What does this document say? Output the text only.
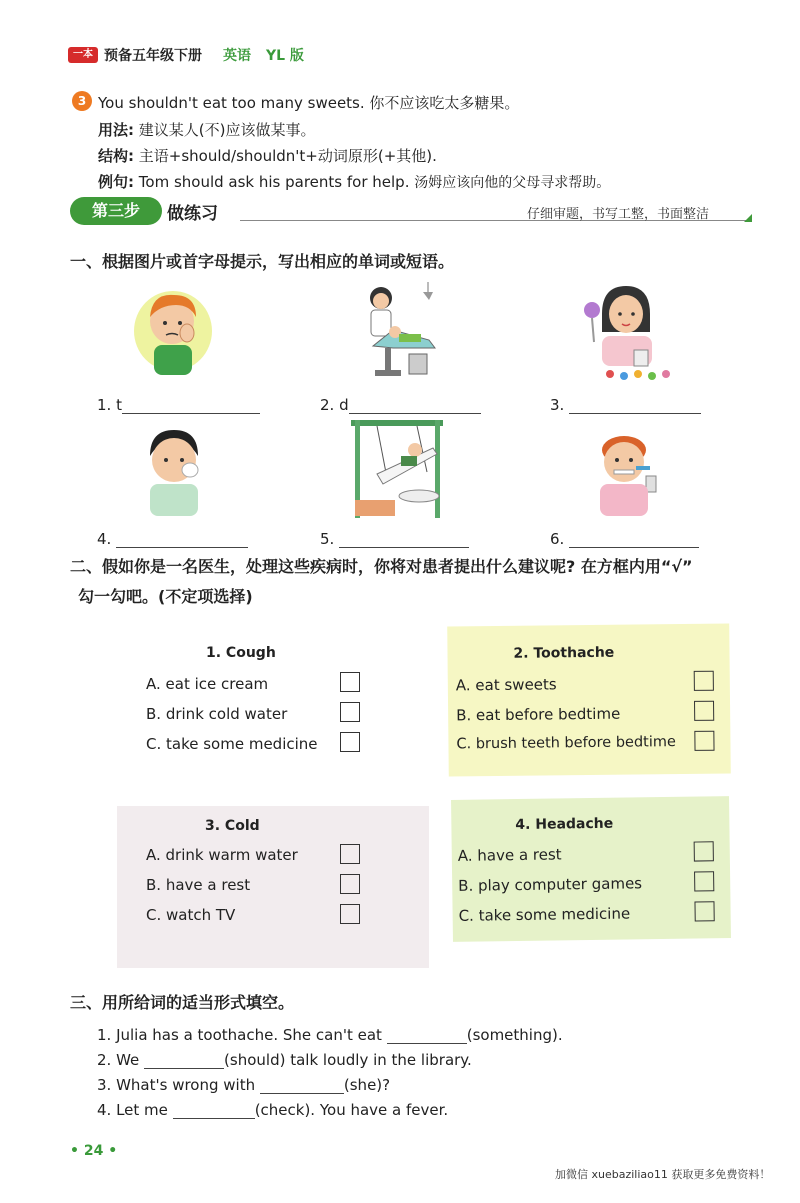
一本 预备五年级下册 英语 YL 版
3 You shouldn't eat too many sweets. 你不应该吃太多糖果。
用法: 建议某人(不)应该做某事。
结构: 主语+should/shouldn't+动词原形(+其他).
例句: Tom should ask his parents for help. 汤姆应该向他的父母寻求帮助。
第三步	做练习	仔细审题，书写工整，书面整洁
一、根据图片或首字母提示，写出相应的单词或短语。
1. t	2. d	3.
4.	5.	6.
二、假如你是一名医生，处理这些疾病时，你将对患者提出什么建议呢? 在方框内用“√”
勾一勾吧。(不定项选择)
1. Cough
A. eat ice cream
B. drink cold water
C. take some medicine
2. Toothache
A. eat sweets
B. eat before bedtime
C. brush teeth before bedtime
3. Cold
A. drink warm water
B. have a rest
C. watch TV
4. Headache
A. have a rest
B. play computer games
C. take some medicine
三、用所给词的适当形式填空。
1. Julia has a toothache. She can't eat	(something).
2. We	(should) talk loudly in the library.
3. What's wrong with	(she)?
4. Let me	(check). You have a fever.
• 24 •
加微信 xuebaziliao11 获取更多免费资料！
